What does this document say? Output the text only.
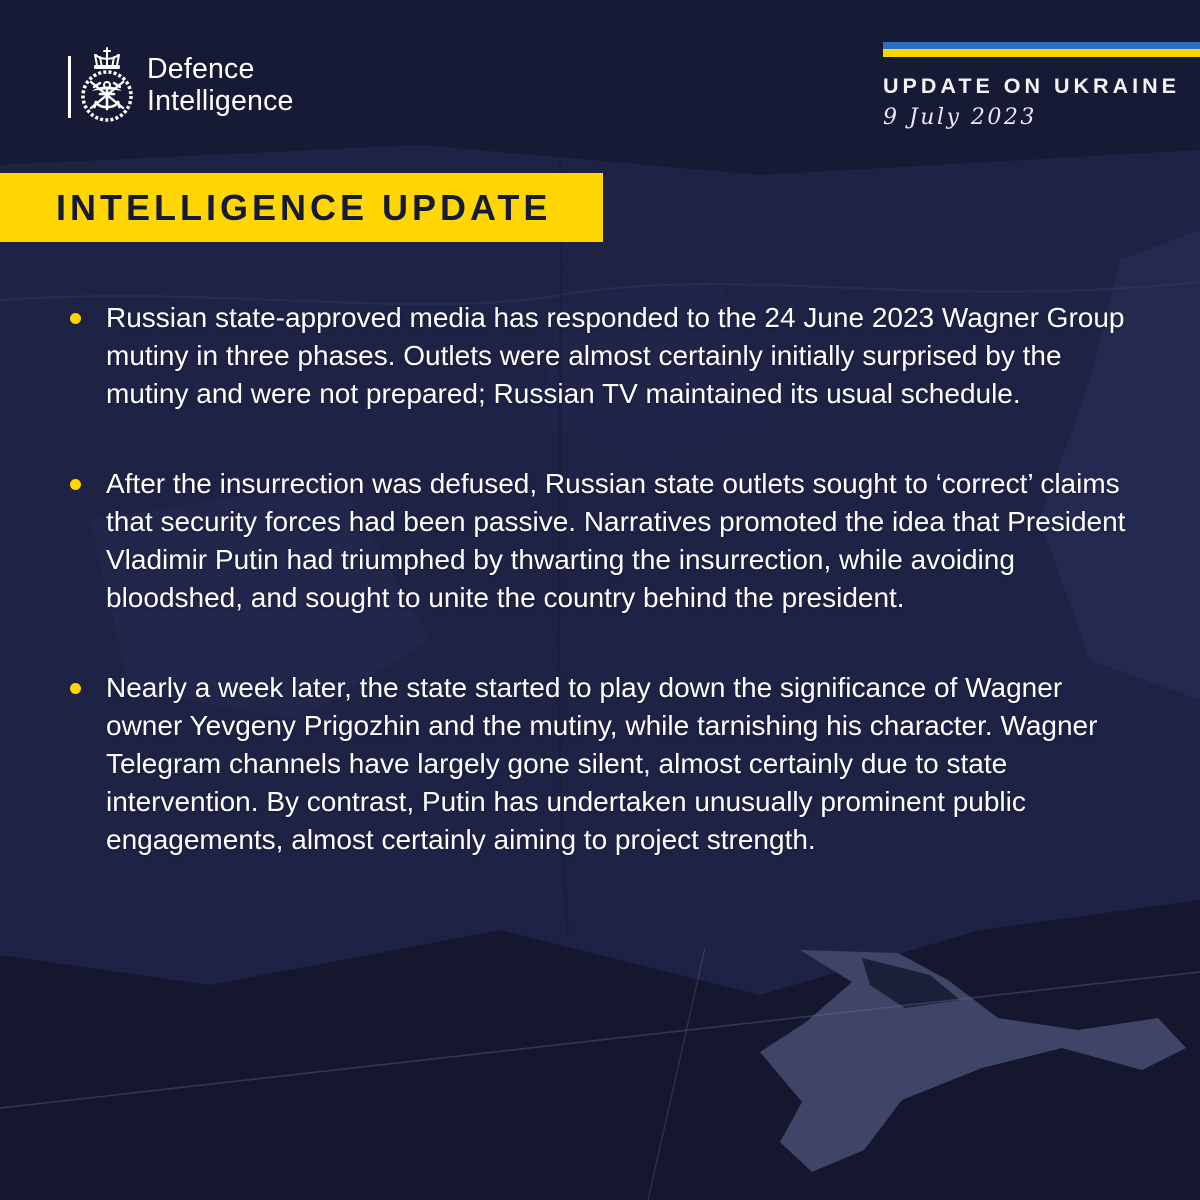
Defence
Intelligence	UPDATE ON UKRAINE
9 July 2023
INTELLIGENCE UPDATE
Russian state-approved media has responded to the 24 June 2023 Wagner Group mutiny in three phases. Outlets were almost certainly initially surprised by the mutiny and were not prepared; Russian TV maintained its usual schedule.
After the insurrection was defused, Russian state outlets sought to ‘correct’ claims that security forces had been passive. Narratives promoted the idea that President Vladimir Putin had triumphed by thwarting the insurrection, while avoiding bloodshed, and sought to unite the country behind the president.
Nearly a week later, the state started to play down the significance of Wagner owner Yevgeny Prigozhin and the mutiny, while tarnishing his character. Wagner Telegram channels have largely gone silent, almost certainly due to state intervention. By contrast, Putin has undertaken unusually prominent public engagements, almost certainly aiming to project strength.
